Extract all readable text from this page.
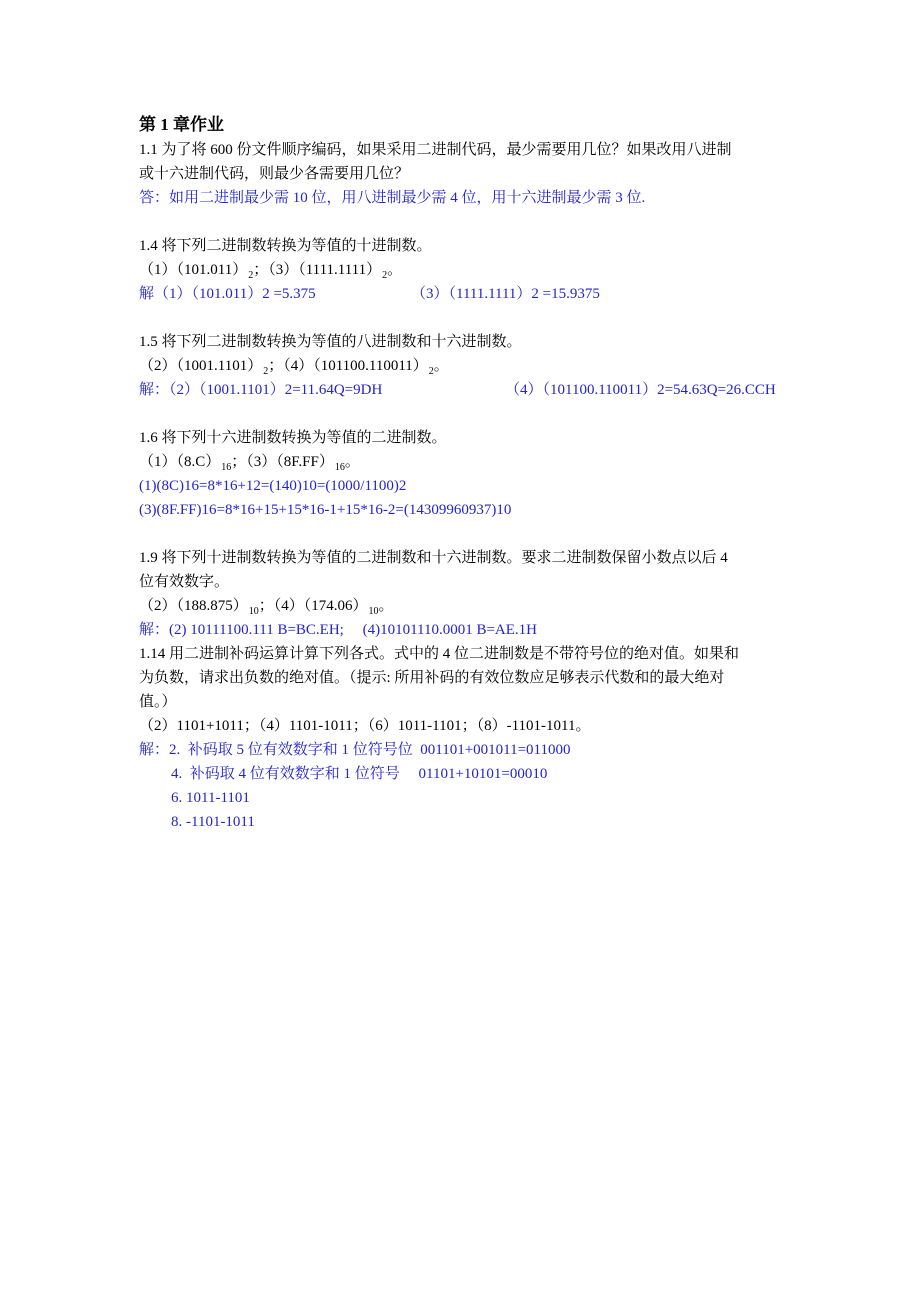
第 1 章作业
1.1 为了将 600 份文件顺序编码，如果采用二进制代码，最少需要用几位？如果改用八进制
或十六进制代码，则最少各需要用几位？
答：如用二进制最少需 10 位，用八进制最少需 4 位，用十六进制最少需 3 位.
1.4 将下列二进制数转换为等值的十进制数。
$(1)(101.011)_2$；$(3)(1111.1111)_2$。
解（1）（101.011）2 =5.375	（3）（1111.1111）2 =15.9375
1.5 将下列二进制数转换为等值的八进制数和十六进制数。
$(2)(1001.1101)_2$；$(4)(101100.110011)_2$。
解：（2）（1001.1101）2=11.64Q=9DH	（4）（101100.110011）2=54.63Q=26.CCH
1.6 将下列十六进制数转换为等值的二进制数。
$(1)(8.C)_{16}$；$(3)(8F.FF)_{16}$。
(1)(8C)16=8*16+12=(140)10=(1000/1100)2
(3)(8F.FF)16=8*16+15+15*16-1+15*16-2=(14309960937)10
1.9 将下列十进制数转换为等值的二进制数和十六进制数。要求二进制数保留小数点以后 4
位有效数字。
$(2)(188.875)_{10}$；$(4)(174.06)_{10}$。
解：(2) 10111100.111 B=BC.EH;     (4)10101110.0001 B=AE.1H
1.14 用二进制补码运算计算下列各式。式中的 4 位二进制数是不带符号位的绝对值。如果和
为负数，请求出负数的绝对值。（提示: 所用补码的有效位数应足够表示代数和的最大绝对
值。）
（2）1101+1011；（4）1101-1011；（6）1011-1101；（8）-1101-1011。
解：2.  补码取 5 位有效数字和 1 位符号位  001101+001011=011000
4.  补码取 4 位有效数字和 1 位符号     01101+10101=00010
6. 1011-1101
8. -1101-1011
